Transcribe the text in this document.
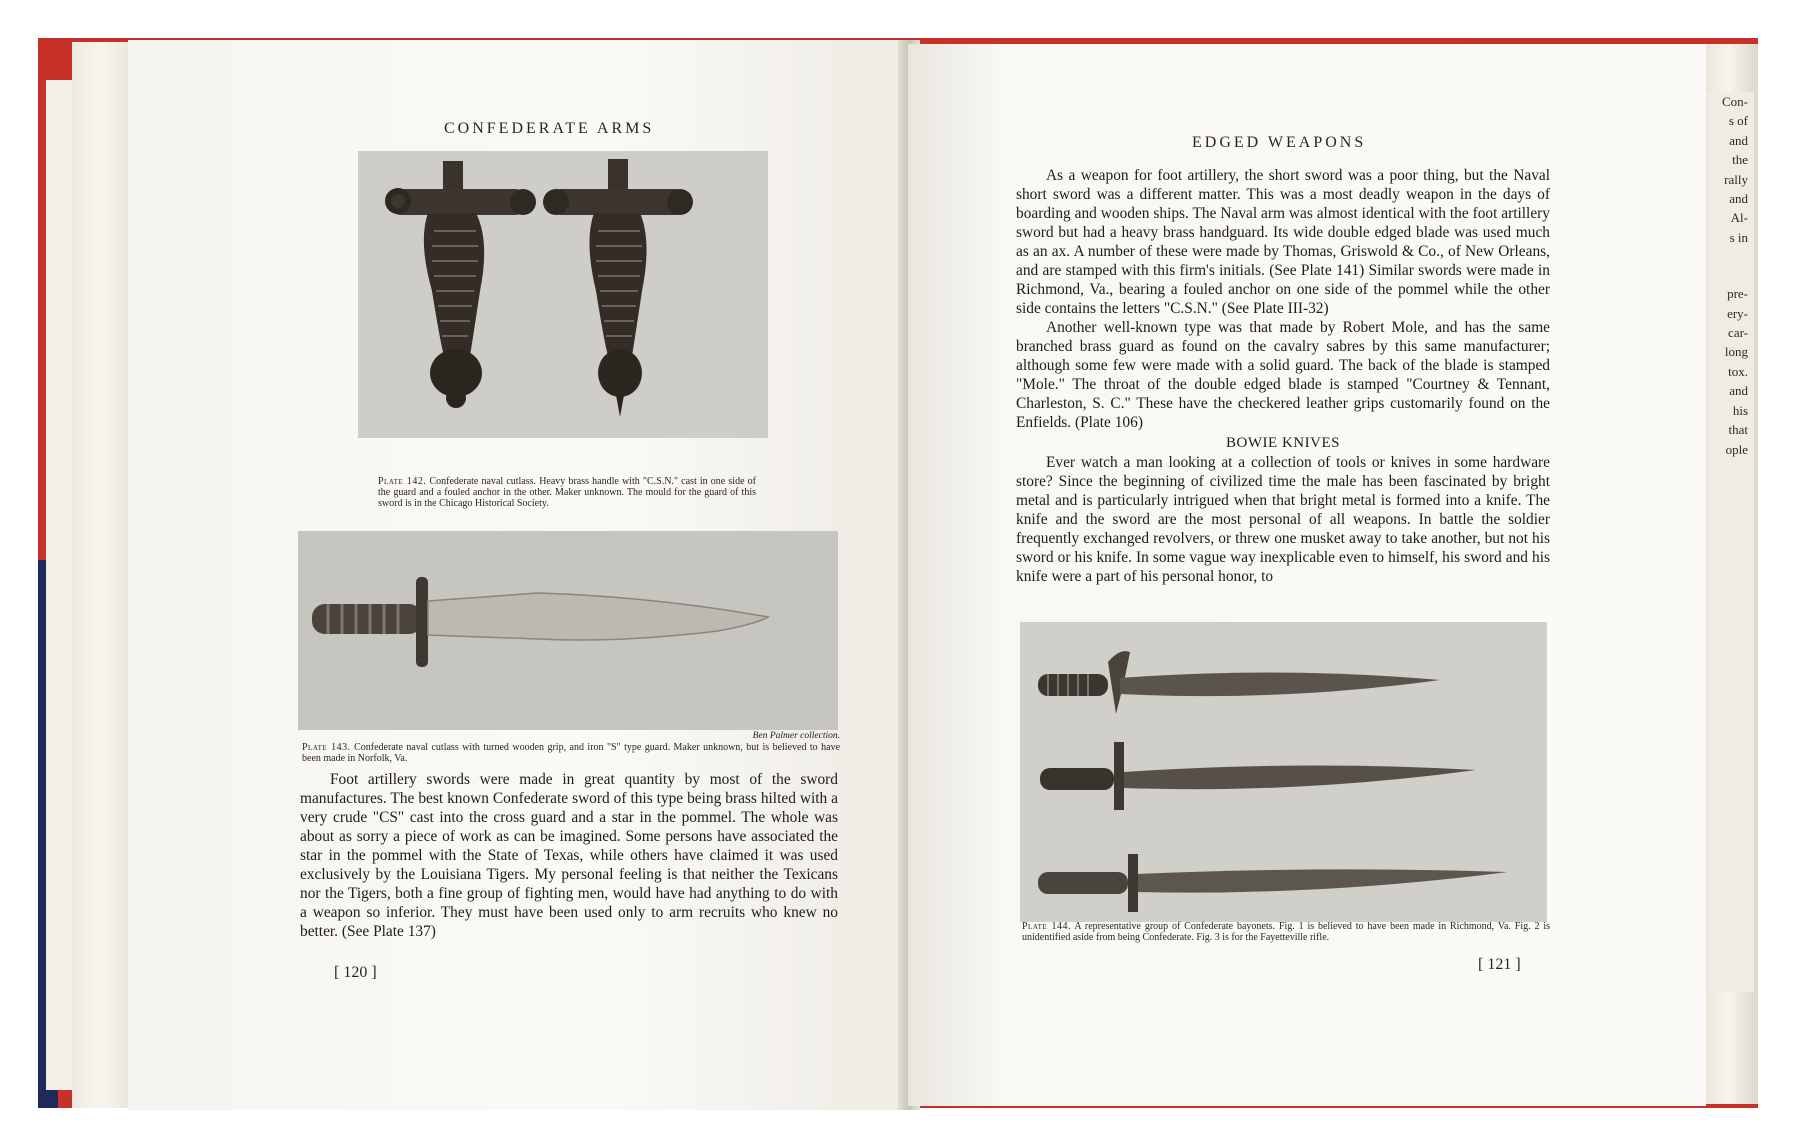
CONFEDERATE ARMS
Plate 142. Confederate naval cutlass. Heavy brass handle with "C.S.N." cast in one side of the guard and a fouled anchor in the other. Maker unknown. The mould for the guard of this sword is in the Chicago Historical Society.
Ben Palmer collection.
Plate 143. Confederate naval cutlass with turned wooden grip, and iron "S" type guard. Maker unknown, but is believed to have been made in Norfolk, Va.

Foot artillery swords were made in great quantity by most of the sword manufactures. The best known Confederate sword of this type being brass hilted with a very crude "CS" cast into the cross guard and a star in the pommel. The whole was about as sorry a piece of work as can be imagined. Some persons have associated the star in the pommel with the State of Texas, while others have claimed it was used exclusively by the Louisiana Tigers. My personal feeling is that neither the Texicans nor the Tigers, both a fine group of fighting men, would have had anything to do with a weapon so inferior. They must have been used only to arm recruits who knew no better. (See Plate 137)

[ 120 ]
EDGED WEAPONS

As a weapon for foot artillery, the short sword was a poor thing, but the Naval short sword was a different matter. This was a most deadly weapon in the days of boarding and wooden ships. The Naval arm was almost identical with the foot artillery sword but had a heavy brass handguard. Its wide double edged blade was used much as an ax. A number of these were made by Thomas, Griswold & Co., of New Orleans, and are stamped with this firm's initials. (See Plate 141) Similar swords were made in Richmond, Va., bearing a fouled anchor on one side of the pommel while the other side contains the letters "C.S.N." (See Plate III-32)

Another well-known type was that made by Robert Mole, and has the same branched brass guard as found on the cavalry sabres by this same manufacturer; although some few were made with a solid guard. The back of the blade is stamped "Mole." The throat of the double edged blade is stamped "Courtney & Tennant, Charleston, S. C." These have the checkered leather grips customarily found on the Enfields. (Plate 106)

BOWIE KNIVES

Ever watch a man looking at a collection of tools or knives in some hardware store? Since the beginning of civilized time the male has been fascinated by bright metal and is particularly intrigued when that bright metal is formed into a knife. The knife and the sword are the most personal of all weapons. In battle the soldier frequently exchanged revolvers, or threw one musket away to take another, but not his sword or his knife. In some vague way inexplicable even to himself, his sword and his knife were a part of his personal honor, to

Plate 144. A representative group of Confederate bayonets. Fig. 1 is believed to have been made in Richmond, Va. Fig. 2 is unidentified aside from being Confederate. Fig. 3 is for the Fayetteville rifle.
[ 121 ]
Con-
s of
and
the
rally
and
Al-
s in
pre-
ery-
car-
long
tox.
and
his
that
ople
